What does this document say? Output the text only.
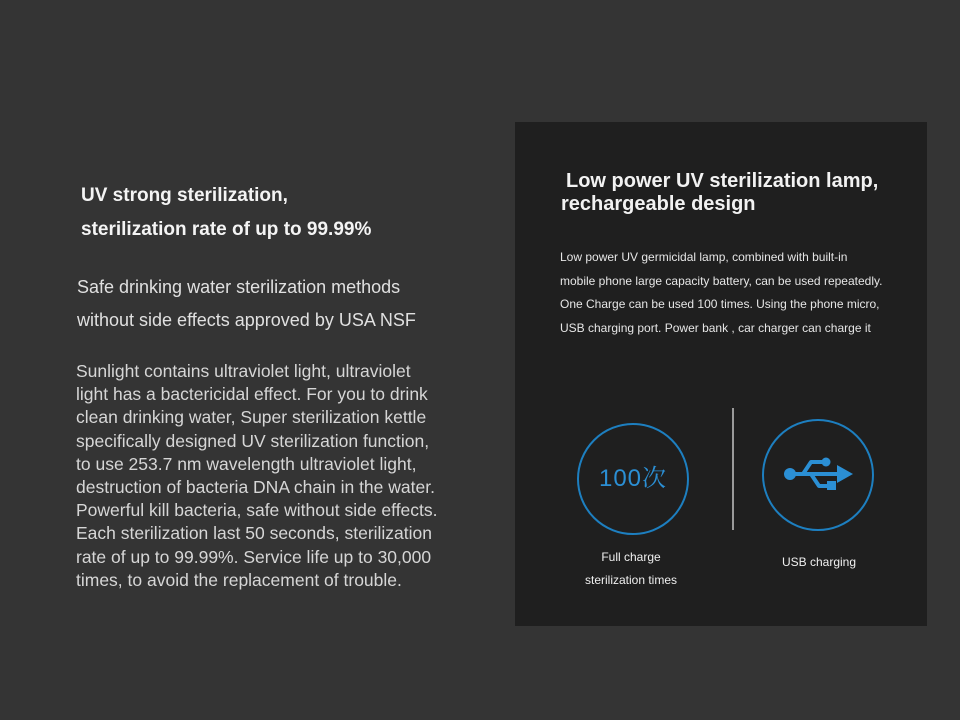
UV strong sterilization,
sterilization rate of up to 99.99%

Safe drinking water sterilization methods
without side effects approved by USA NSF

Sunlight contains ultraviolet light, ultraviolet
light has a bactericidal effect. For you to drink
clean drinking water, Super sterilization kettle
specifically designed UV sterilization function,
to use 253.7 nm wavelength ultraviolet light,
destruction of bacteria DNA chain in the water.
Powerful kill bacteria, safe without side effects.
Each sterilization last 50 seconds, sterilization
rate of up to 99.99%. Service life up to 30,000
times, to avoid the replacement of trouble.

Low power UV sterilization lamp,
rechargeable design

Low power UV germicidal lamp, combined with built-in
mobile phone large capacity battery, can be used repeatedly.
One Charge can be used 100 times. Using the phone micro,
USB charging port. Power bank , car charger can charge it

100次

Full charge
sterilization times

USB charging
